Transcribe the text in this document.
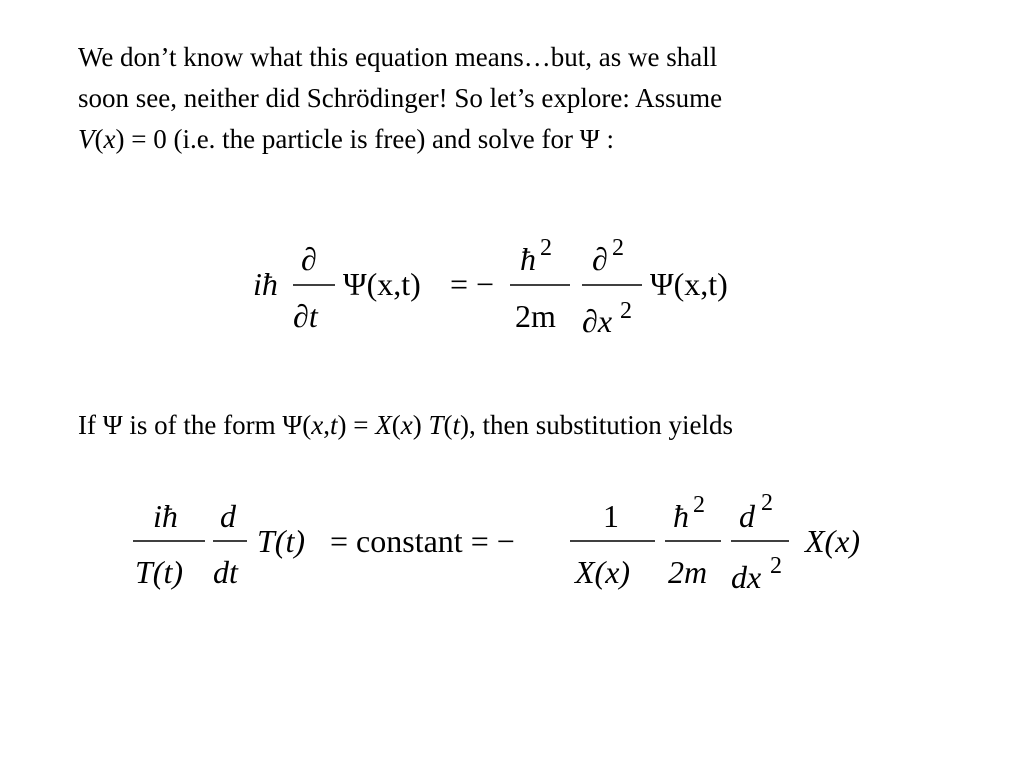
We don’t know what this equation means…but, as we shall
soon see, neither did Schrödinger! So let’s explore: Assume
V(x) = 0 (i.e. the particle is free) and solve for Ψ :

iħ
∂
∂t
Ψ(x,t) = −
ħ 2
2m
∂ 2
∂x 2
Ψ(x,t)

If Ψ is of the form Ψ(x,t) = X(x) T(t), then substitution yields

iħ
T(t)
d
dt
T(t) = constant = −
1
X(x)
ħ 2
2m
d 2
dx 2
X(x)
